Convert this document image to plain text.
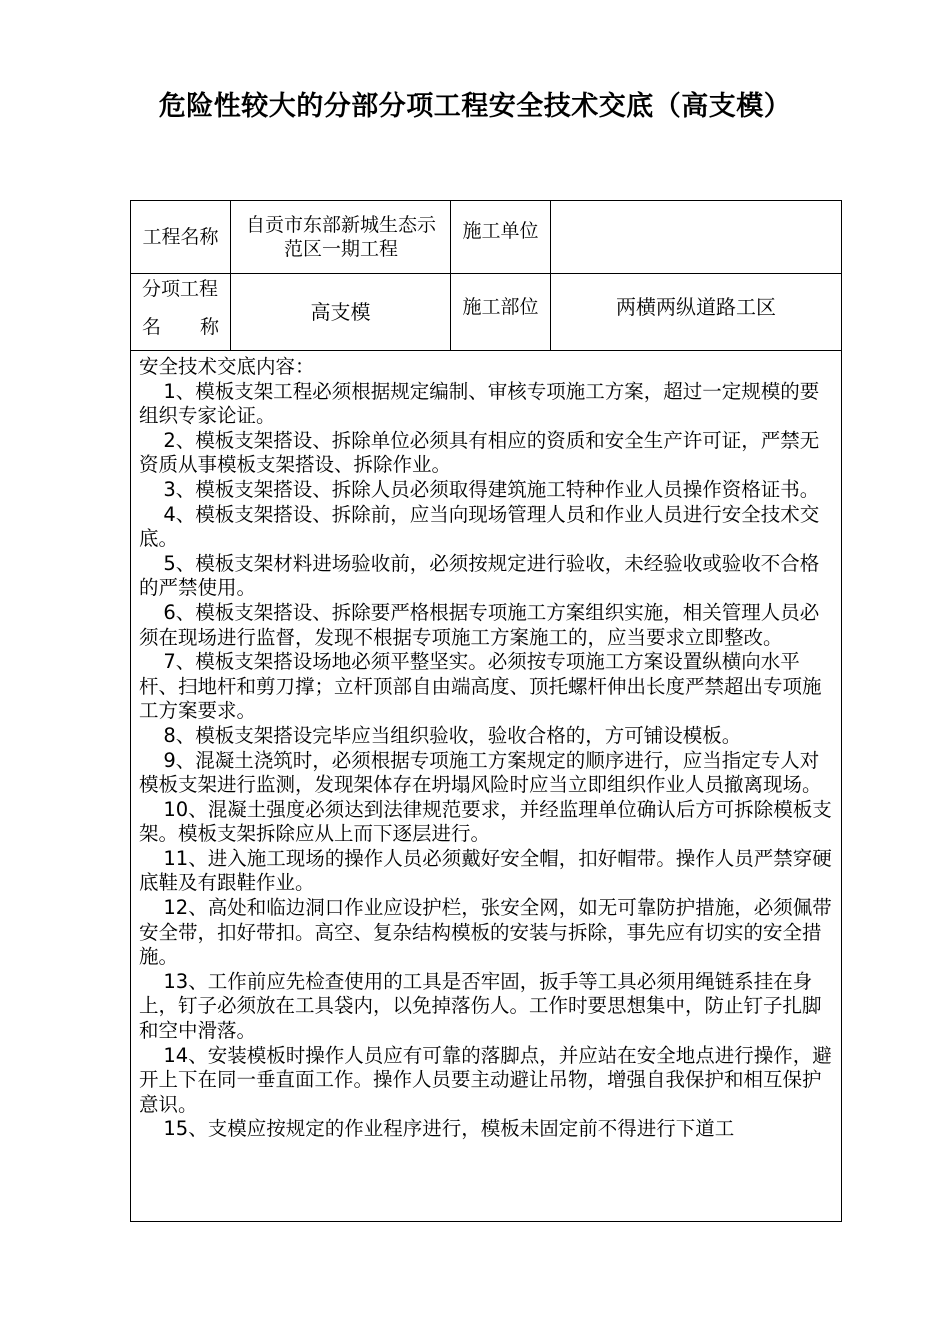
危险性较大的分部分项工程安全技术交底（高支模）
工程名称
自贡市东部新城生态示范区一期工程
施工单位
分项工程
名 称
高支模	施工部位	两横两纵道路工区

安全技术交底内容：

1、模板支架工程必须根据规定编制、审核专项施工方案，超过一定规模的要组织专家论证。

2、模板支架搭设、拆除单位必须具有相应的资质和安全生产许可证，严禁无资质从事模板支架搭设、拆除作业。

3、模板支架搭设、拆除人员必须取得建筑施工特种作业人员操作资格证书。

4、模板支架搭设、拆除前，应当向现场管理人员和作业人员进行安全技术交底。

5、模板支架材料进场验收前，必须按规定进行验收，未经验收或验收不合格的严禁使用。

6、模板支架搭设、拆除要严格根据专项施工方案组织实施，相关管理人员必须在现场进行监督，发现不根据专项施工方案施工的，应当要求立即整改。

7、模板支架搭设场地必须平整坚实。必须按专项施工方案设置纵横向水平杆、扫地杆和剪刀撑；立杆顶部自由端高度、顶托螺杆伸出长度严禁超出专项施工方案要求。

8、模板支架搭设完毕应当组织验收，验收合格的，方可铺设模板。

9、混凝土浇筑时，必须根据专项施工方案规定的顺序进行，应当指定专人对模板支架进行监测，发现架体存在坍塌风险时应当立即组织作业人员撤离现场。

10、混凝土强度必须达到法律规范要求，并经监理单位确认后方可拆除模板支架。模板支架拆除应从上而下逐层进行。

11、进入施工现场的操作人员必须戴好安全帽，扣好帽带。操作人员严禁穿硬底鞋及有跟鞋作业。

12、高处和临边洞口作业应设护栏，张安全网，如无可靠防护措施，必须佩带安全带，扣好带扣。高空、复杂结构模板的安装与拆除，事先应有切实的安全措施。

13、工作前应先检查使用的工具是否牢固，扳手等工具必须用绳链系挂在身上，钉子必须放在工具袋内，以免掉落伤人。工作时要思想集中，防止钉子扎脚和空中滑落。

14、安装模板时操作人员应有可靠的落脚点，并应站在安全地点进行操作，避开上下在同一垂直面工作。操作人员要主动避让吊物，增强自我保护和相互保护意识。

15、支模应按规定的作业程序进行，模板未固定前不得进行下道工
